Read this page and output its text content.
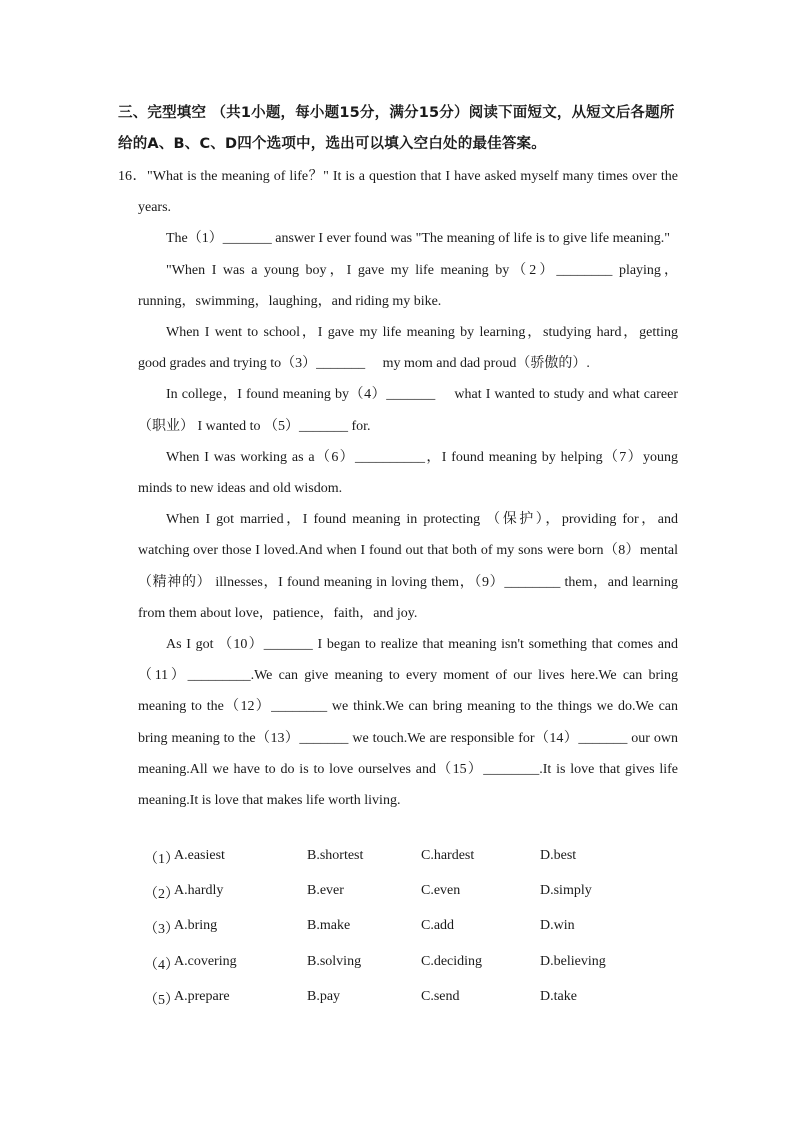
三、完型填空 （共1小题，每小题15分，满分15分）阅读下面短文，从短文后各题所给的A、B、C、D四个选项中，选出可以填入空白处的最佳答案。

16．"What is the meaning of life？" It is a question that I have asked myself many times over the years.

The（1）_______ answer I ever found was "The meaning of life is to give life meaning."

"When I was a young boy，I gave my life meaning by（2）________ playing，running，swimming，laughing，and riding my bike.

When I went to school，I gave my life meaning by learning，studying hard，getting good grades and trying to（3）_______　 my mom and dad proud（骄傲的）.

In college，I found meaning by（4）_______　 what I wanted to study and what career（职业） I wanted to （5）_______ for.

When I was working as a（6）__________，I found meaning by helping（7）young minds to new ideas and old wisdom.

When I got married，I found meaning in protecting （保护），providing for，and watching over those I loved.And when I found out that both of my sons were born（8）mental （精神的） illnesses，I found meaning in loving them，（9）________ them，and learning from them about love，patience，faith，and joy.

As I got （10）_______ I began to realize that meaning isn't something that comes and（11）_________.We can give meaning to every moment of our lives here.We can bring meaning to the（12）________ we think.We can bring meaning to the things we do.We can bring meaning to the（13）_______ we touch.We are responsible for（14）_______ our own meaning.All we have to do is to love ourselves and（15）________.It is love that gives life meaning.It is love that makes life worth living.

（1）
A.easiest	B.shortest	C.hardest	D.best
（2）
A.hardly	B.ever	C.even	D.simply
（3）
A.bring	B.make	C.add	D.win
（4）
A.covering	B.solving	C.deciding	D.believing
（5）
A.prepare	B.pay	C.send	D.take
